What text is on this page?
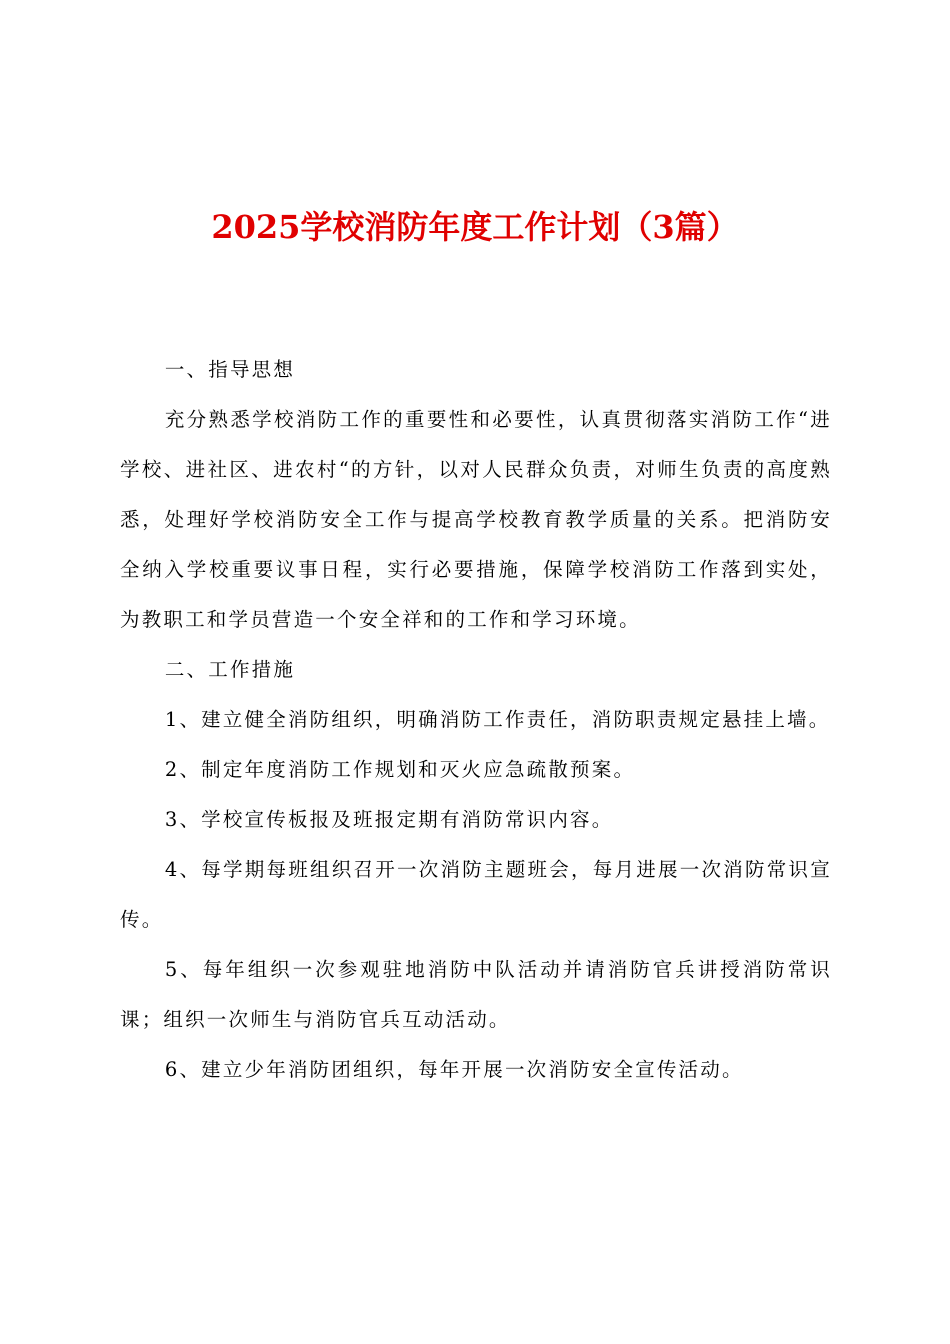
2025学校消防年度工作计划（3篇）

一、指导思想

充分熟悉学校消防工作的重要性和必要性，认真贯彻落实消防工作“进学校、进社区、进农村“的方针，以对人民群众负责，对师生负责的高度熟悉，处理好学校消防安全工作与提高学校教育教学质量的关系。把消防安全纳入学校重要议事日程，实行必要措施，保障学校消防工作落到实处，为教职工和学员营造一个安全祥和的工作和学习环境。

二、工作措施

1、建立健全消防组织，明确消防工作责任，消防职责规定悬挂上墙。

2、制定年度消防工作规划和灭火应急疏散预案。

3、学校宣传板报及班报定期有消防常识内容。

4、每学期每班组织召开一次消防主题班会，每月进展一次消防常识宣传。

5、每年组织一次参观驻地消防中队活动并请消防官兵讲授消防常识课；组织一次师生与消防官兵互动活动。

6、建立少年消防团组织，每年开展一次消防安全宣传活动。
